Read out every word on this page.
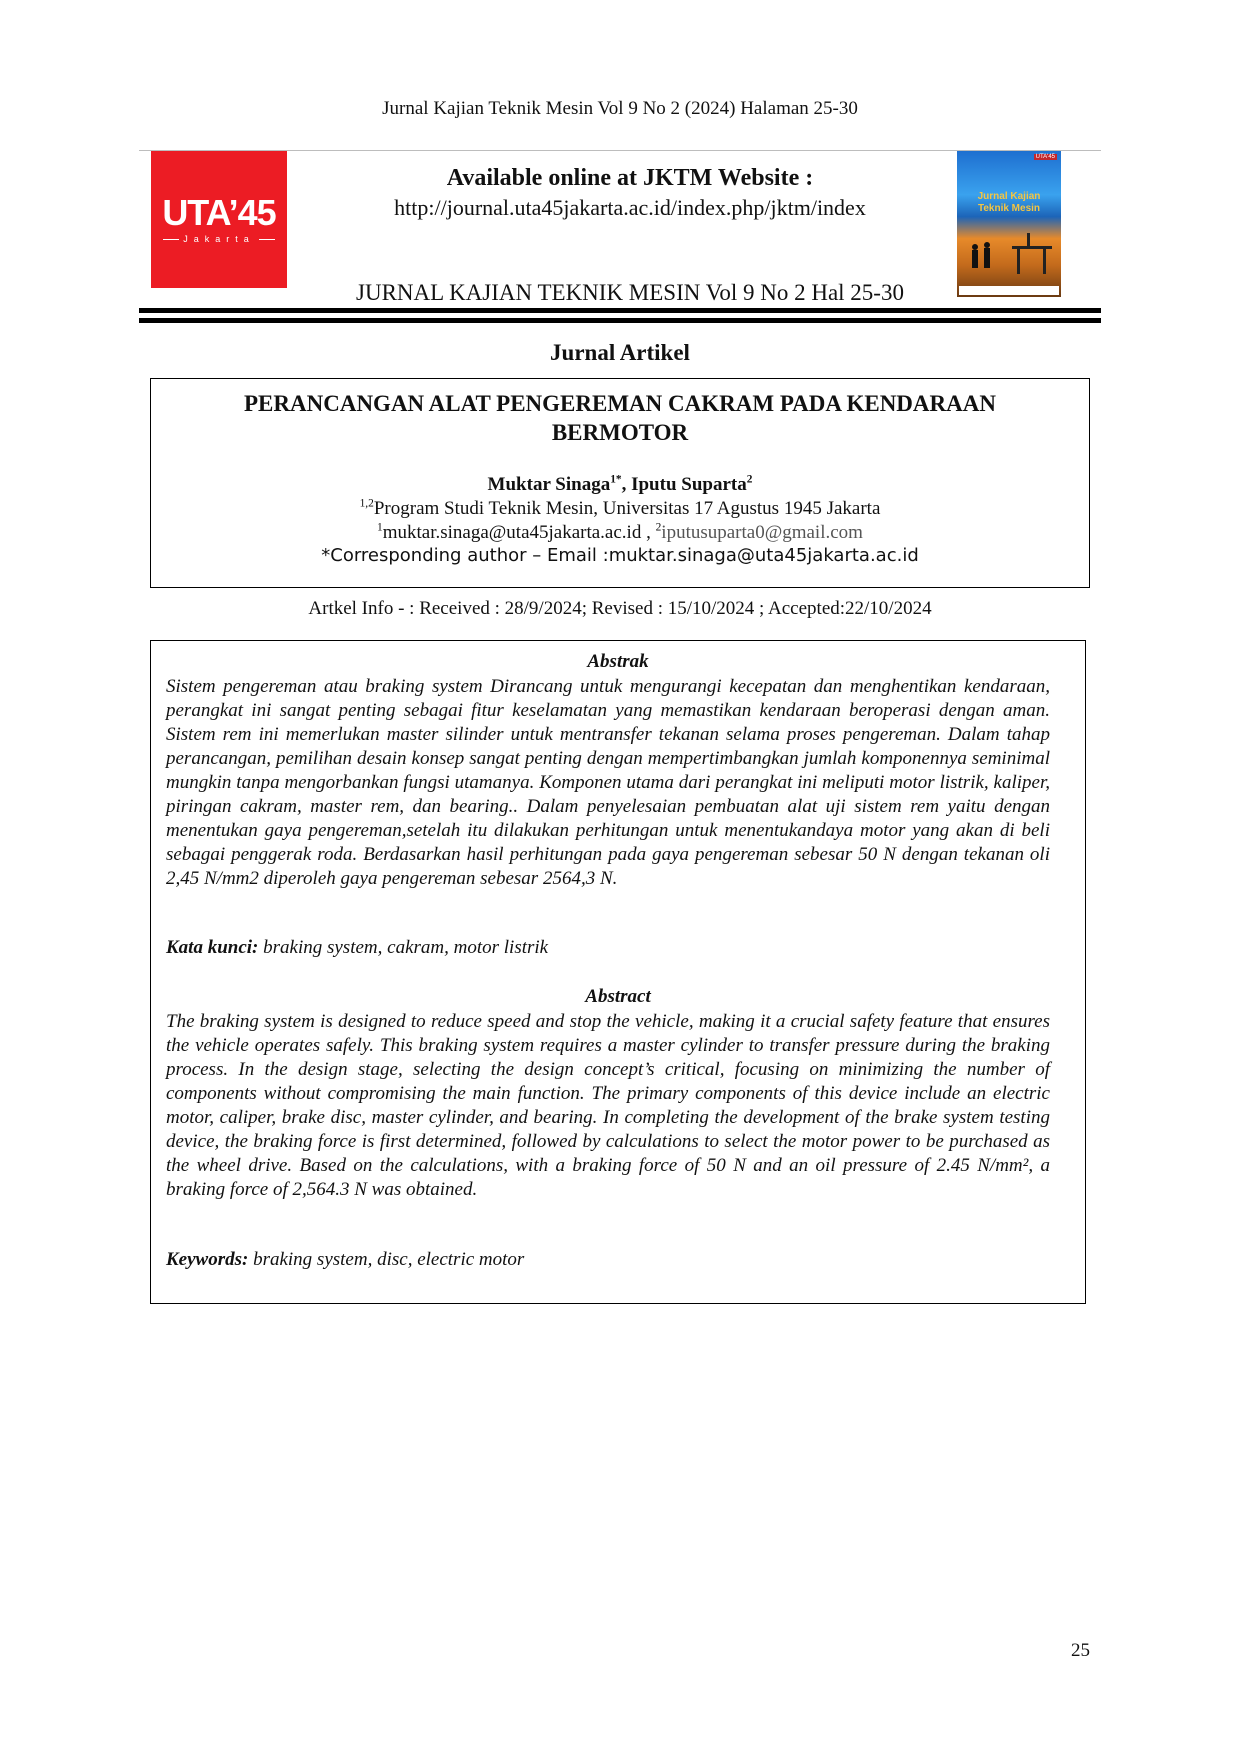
Jurnal Kajian Teknik Mesin Vol 9 No 2 (2024) Halaman 25-30
UTA’45
Jakarta
Available online at JKTM Website :
http://journal.uta45jakarta.ac.id/index.php/jktm/index
UTA'45
Jurnal Kajian
Teknik Mesin
JURNAL KAJIAN TEKNIK MESIN Vol 9 No 2 Hal 25-30
Jurnal Artikel
PERANCANGAN ALAT PENGEREMAN CAKRAM PADA KENDARAAN
BERMOTOR
Muktar Sinaga$^{1*}$, Iputu Suparta$^2$
$^{1,2}$Program Studi Teknik Mesin, Universitas 17 Agustus 1945 Jakarta
$^1$muktar.sinaga@uta45jakarta.ac.id , $^2$iputusuparta0@gmail.com
*Corresponding author – Email :muktar.sinaga@uta45jakarta.ac.id
Artkel Info - : Received : 28/9/2024; Revised : 15/10/2024 ; Accepted:22/10/2024
Abstrak
Sistem pengereman atau braking system Dirancang untuk mengurangi kecepatan dan menghentikan kendaraan, perangkat ini sangat penting sebagai fitur keselamatan yang memastikan kendaraan beroperasi dengan aman. Sistem rem ini memerlukan master silinder untuk mentransfer tekanan selama proses pengereman. Dalam tahap perancangan, pemilihan desain konsep sangat penting dengan mempertimbangkan jumlah komponennya seminimal mungkin tanpa mengorbankan fungsi utamanya. Komponen utama dari perangkat ini meliputi motor listrik, kaliper, piringan cakram, master rem, dan bearing.. Dalam penyelesaian pembuatan alat uji sistem rem yaitu dengan menentukan gaya pengereman,setelah itu dilakukan perhitungan untuk menentukandaya motor yang akan di beli sebagai penggerak roda. Berdasarkan hasil perhitungan pada gaya pengereman sebesar 50 N dengan tekanan oli 2,45 N/mm2 diperoleh gaya pengereman sebesar 2564,3 N.
Kata kunci: braking system, cakram, motor listrik
Abstract
The braking system is designed to reduce speed and stop the vehicle, making it a crucial safety feature that ensures the vehicle operates safely. This braking system requires a master cylinder to transfer pressure during the braking process. In the design stage, selecting the design concept’s critical, focusing on minimizing the number of components without compromising the main function. The primary components of this device include an electric motor, caliper, brake disc, master cylinder, and bearing. In completing the development of the brake system testing device, the braking force is first determined, followed by calculations to select the motor power to be purchased as the wheel drive. Based on the calculations, with a braking force of 50 N and an oil pressure of 2.45 N/mm², a braking force of 2,564.3 N was obtained.
Keywords: braking system, disc, electric motor
25
